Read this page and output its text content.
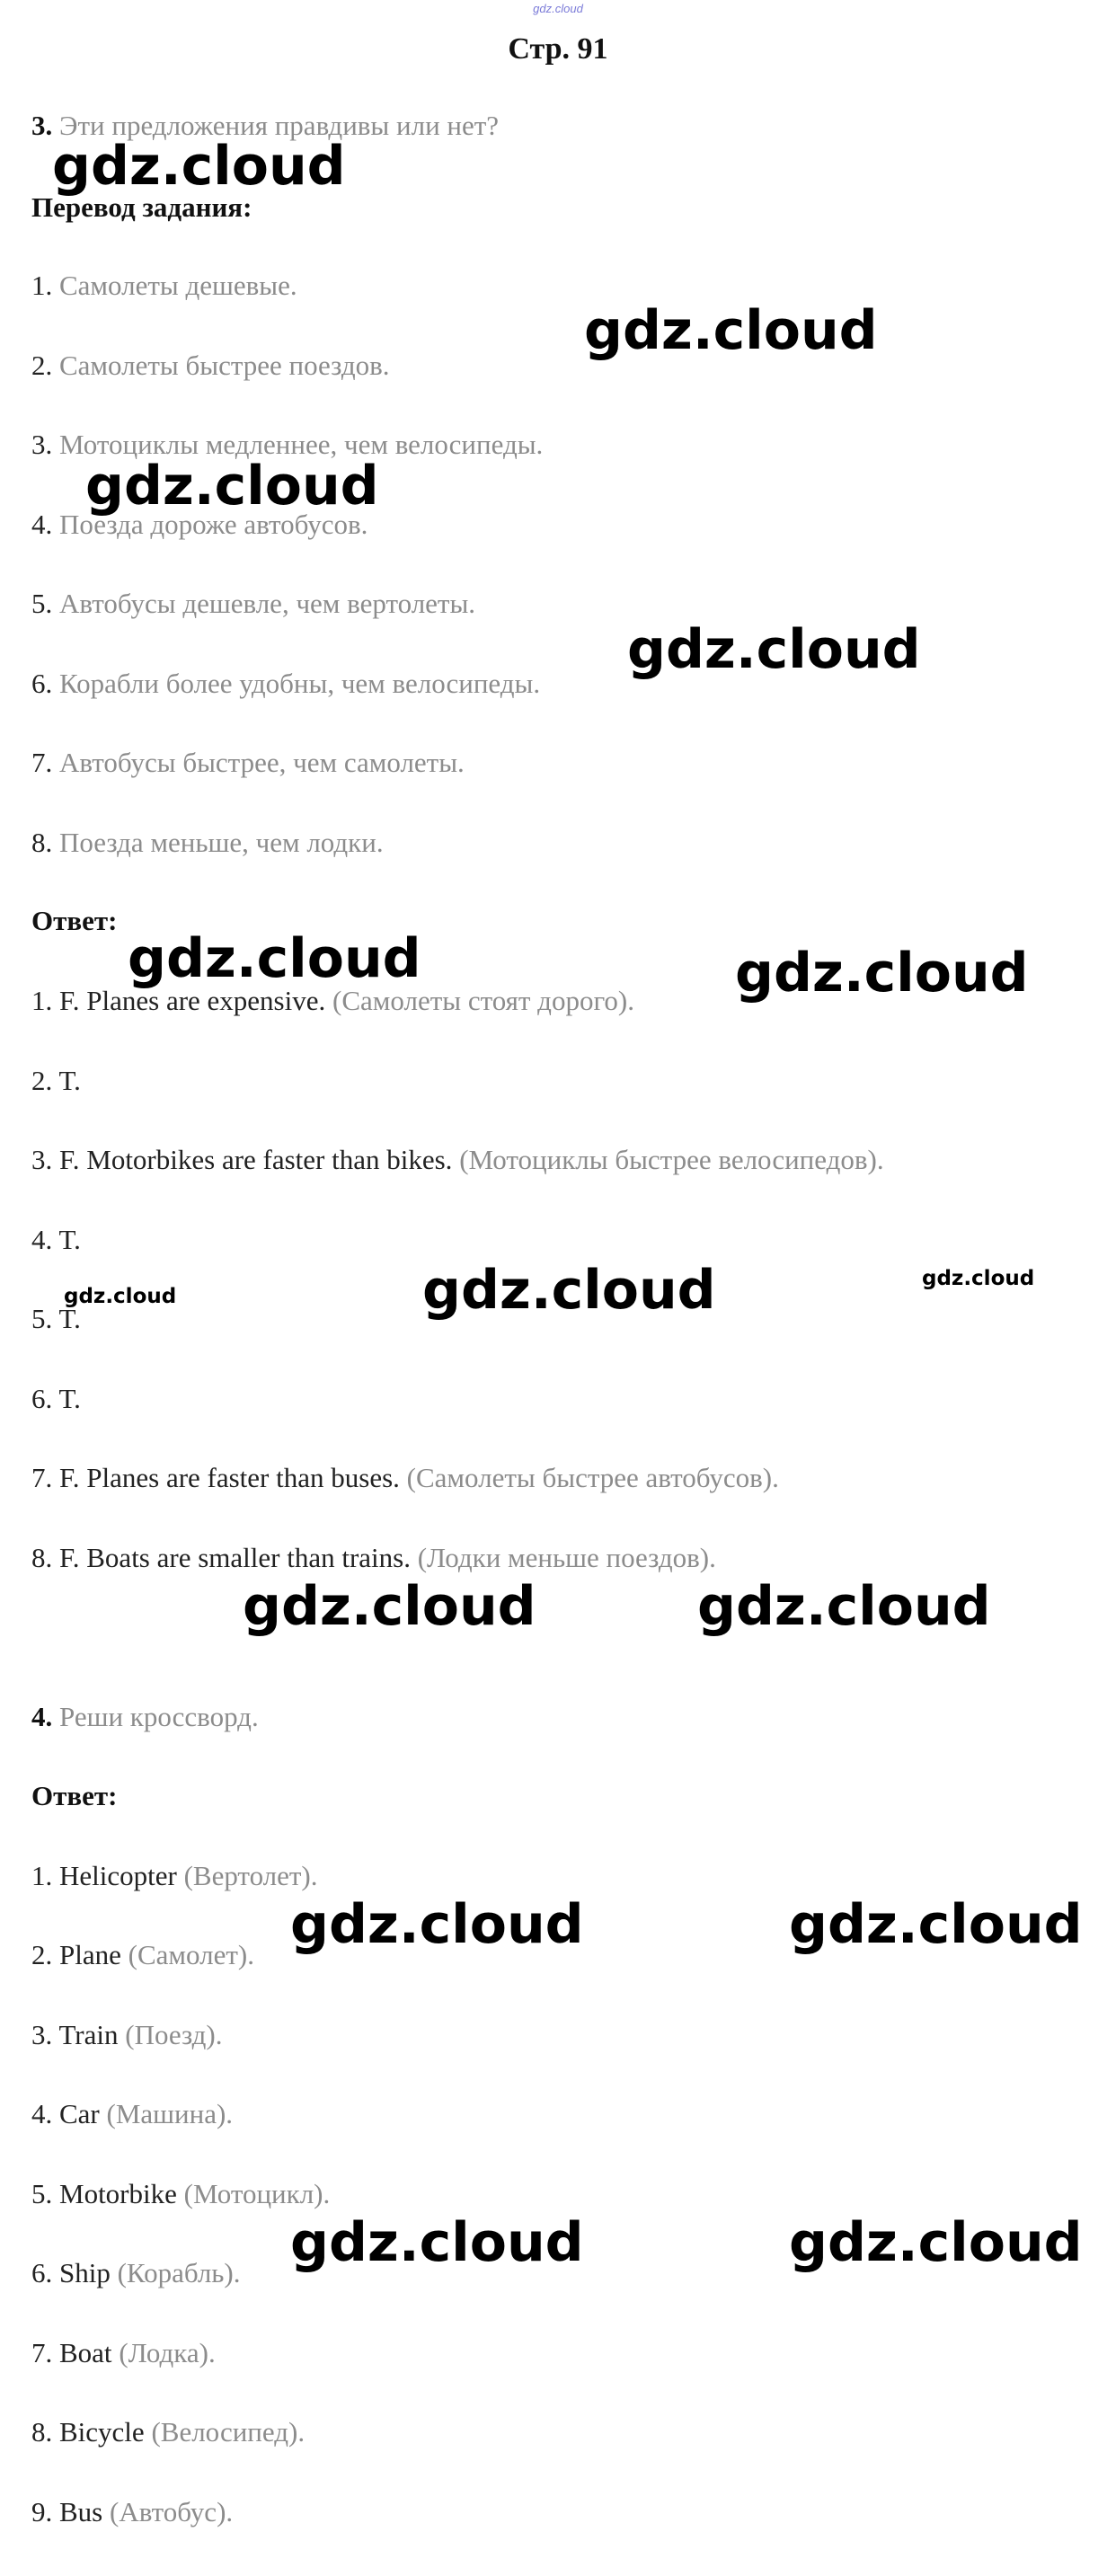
gdz.cloud
Стр. 91
3. Эти предложения правдивы или нет?
Перевод задания:
1. Самолеты дешевые.
2. Самолеты быстрее поездов.
3. Мотоциклы медленнее, чем велосипеды.
4. Поезда дороже автобусов.
5. Автобусы дешевле, чем вертолеты.
6. Корабли более удобны, чем велосипеды.
7. Автобусы быстрее, чем самолеты.
8. Поезда меньше, чем лодки.
Ответ:
1. F. Planes are expensive. (Самолеты стоят дорого).
2. T.
3. F. Motorbikes are faster than bikes. (Мотоциклы быстрее велосипедов).
4. T.
5. T.
6. T.
7. F. Planes are faster than buses. (Самолеты быстрее автобусов).
8. F. Boats are smaller than trains. (Лодки меньше поездов).
4. Реши кроссворд.
Ответ:
1. Helicopter (Вертолет).
2. Plane (Самолет).
3. Train (Поезд).
4. Car (Машина).
5. Motorbike (Мотоцикл).
6. Ship (Корабль).
7. Boat (Лодка).
8. Bicycle (Велосипед).
9. Bus (Автобус).
gdz.cloud
gdz.cloud
gdz.cloud
gdz.cloud
gdz.cloud	gdz.cloud
gdz.cloud	gdz.cloud	gdz.cloud
gdz.cloud	gdz.cloud
gdz.cloud	gdz.cloud
gdz.cloud	gdz.cloud
